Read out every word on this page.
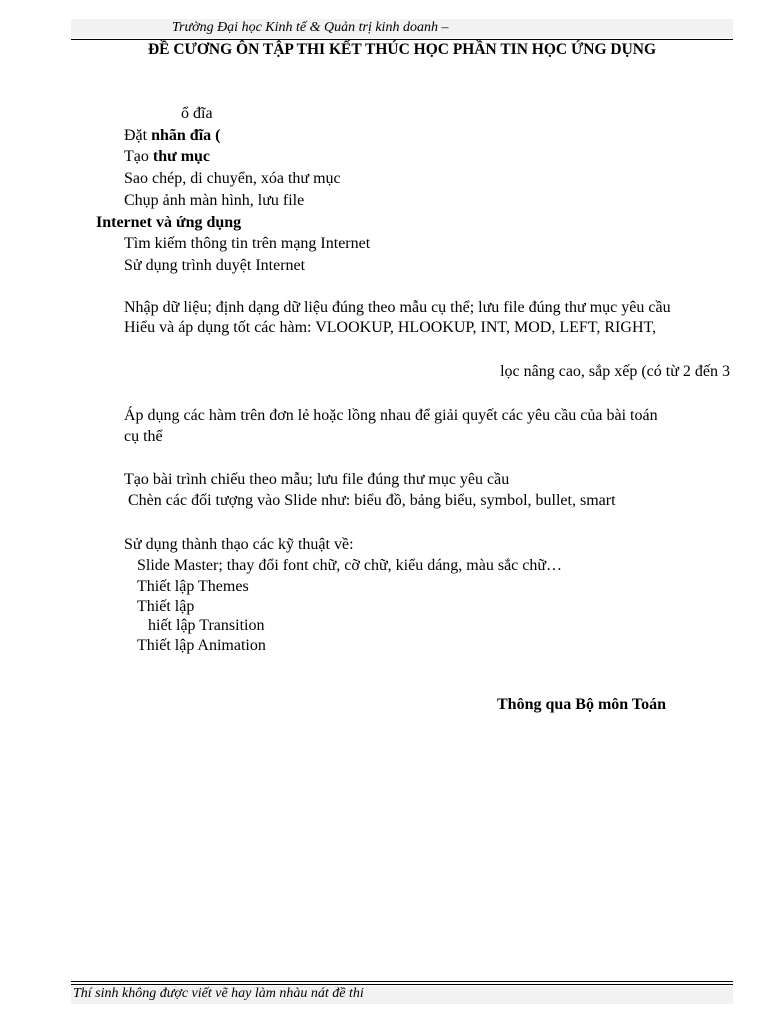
Trường Đại học Kinh tế & Quản trị kinh doanh –
ĐỀ CƯƠNG ÔN TẬP THI KẾT THÚC HỌC PHẦN TIN HỌC ỨNG DỤNG
ổ đĩa
Đặt nhãn đĩa (
Tạo thư mục
Sao chép, di chuyển, xóa thư mục
Chụp ảnh màn hình, lưu file
Internet và ứng dụng
Tìm kiếm thông tin trên mạng Internet
Sử dụng trình duyệt Internet
Nhập dữ liệu; định dạng dữ liệu đúng theo mẫu cụ thể; lưu file đúng thư mục yêu cầu
Hiểu và áp dụng tốt các hàm: VLOOKUP, HLOOKUP, INT, MOD, LEFT, RIGHT,
lọc nâng cao, sắp xếp (có từ 2 đến 3
Áp dụng các hàm trên đơn lẻ hoặc lồng nhau để giải quyết các yêu cầu của bài toán
cụ thể
Tạo bài trình chiếu theo mẫu; lưu file đúng thư mục yêu cầu
Chèn các đối tượng vào Slide như: biểu đồ, bảng biểu, symbol, bullet, smart
Sử dụng thành thạo các kỹ thuật về:
Slide Master; thay đổi font chữ, cỡ chữ, kiểu dáng, màu sắc chữ…
Thiết lập Themes
Thiết lập
hiết lập Transition
Thiết lập Animation
Thông qua Bộ môn Toán
Thí sinh không được viết vẽ hay làm nhàu nát đề thi
